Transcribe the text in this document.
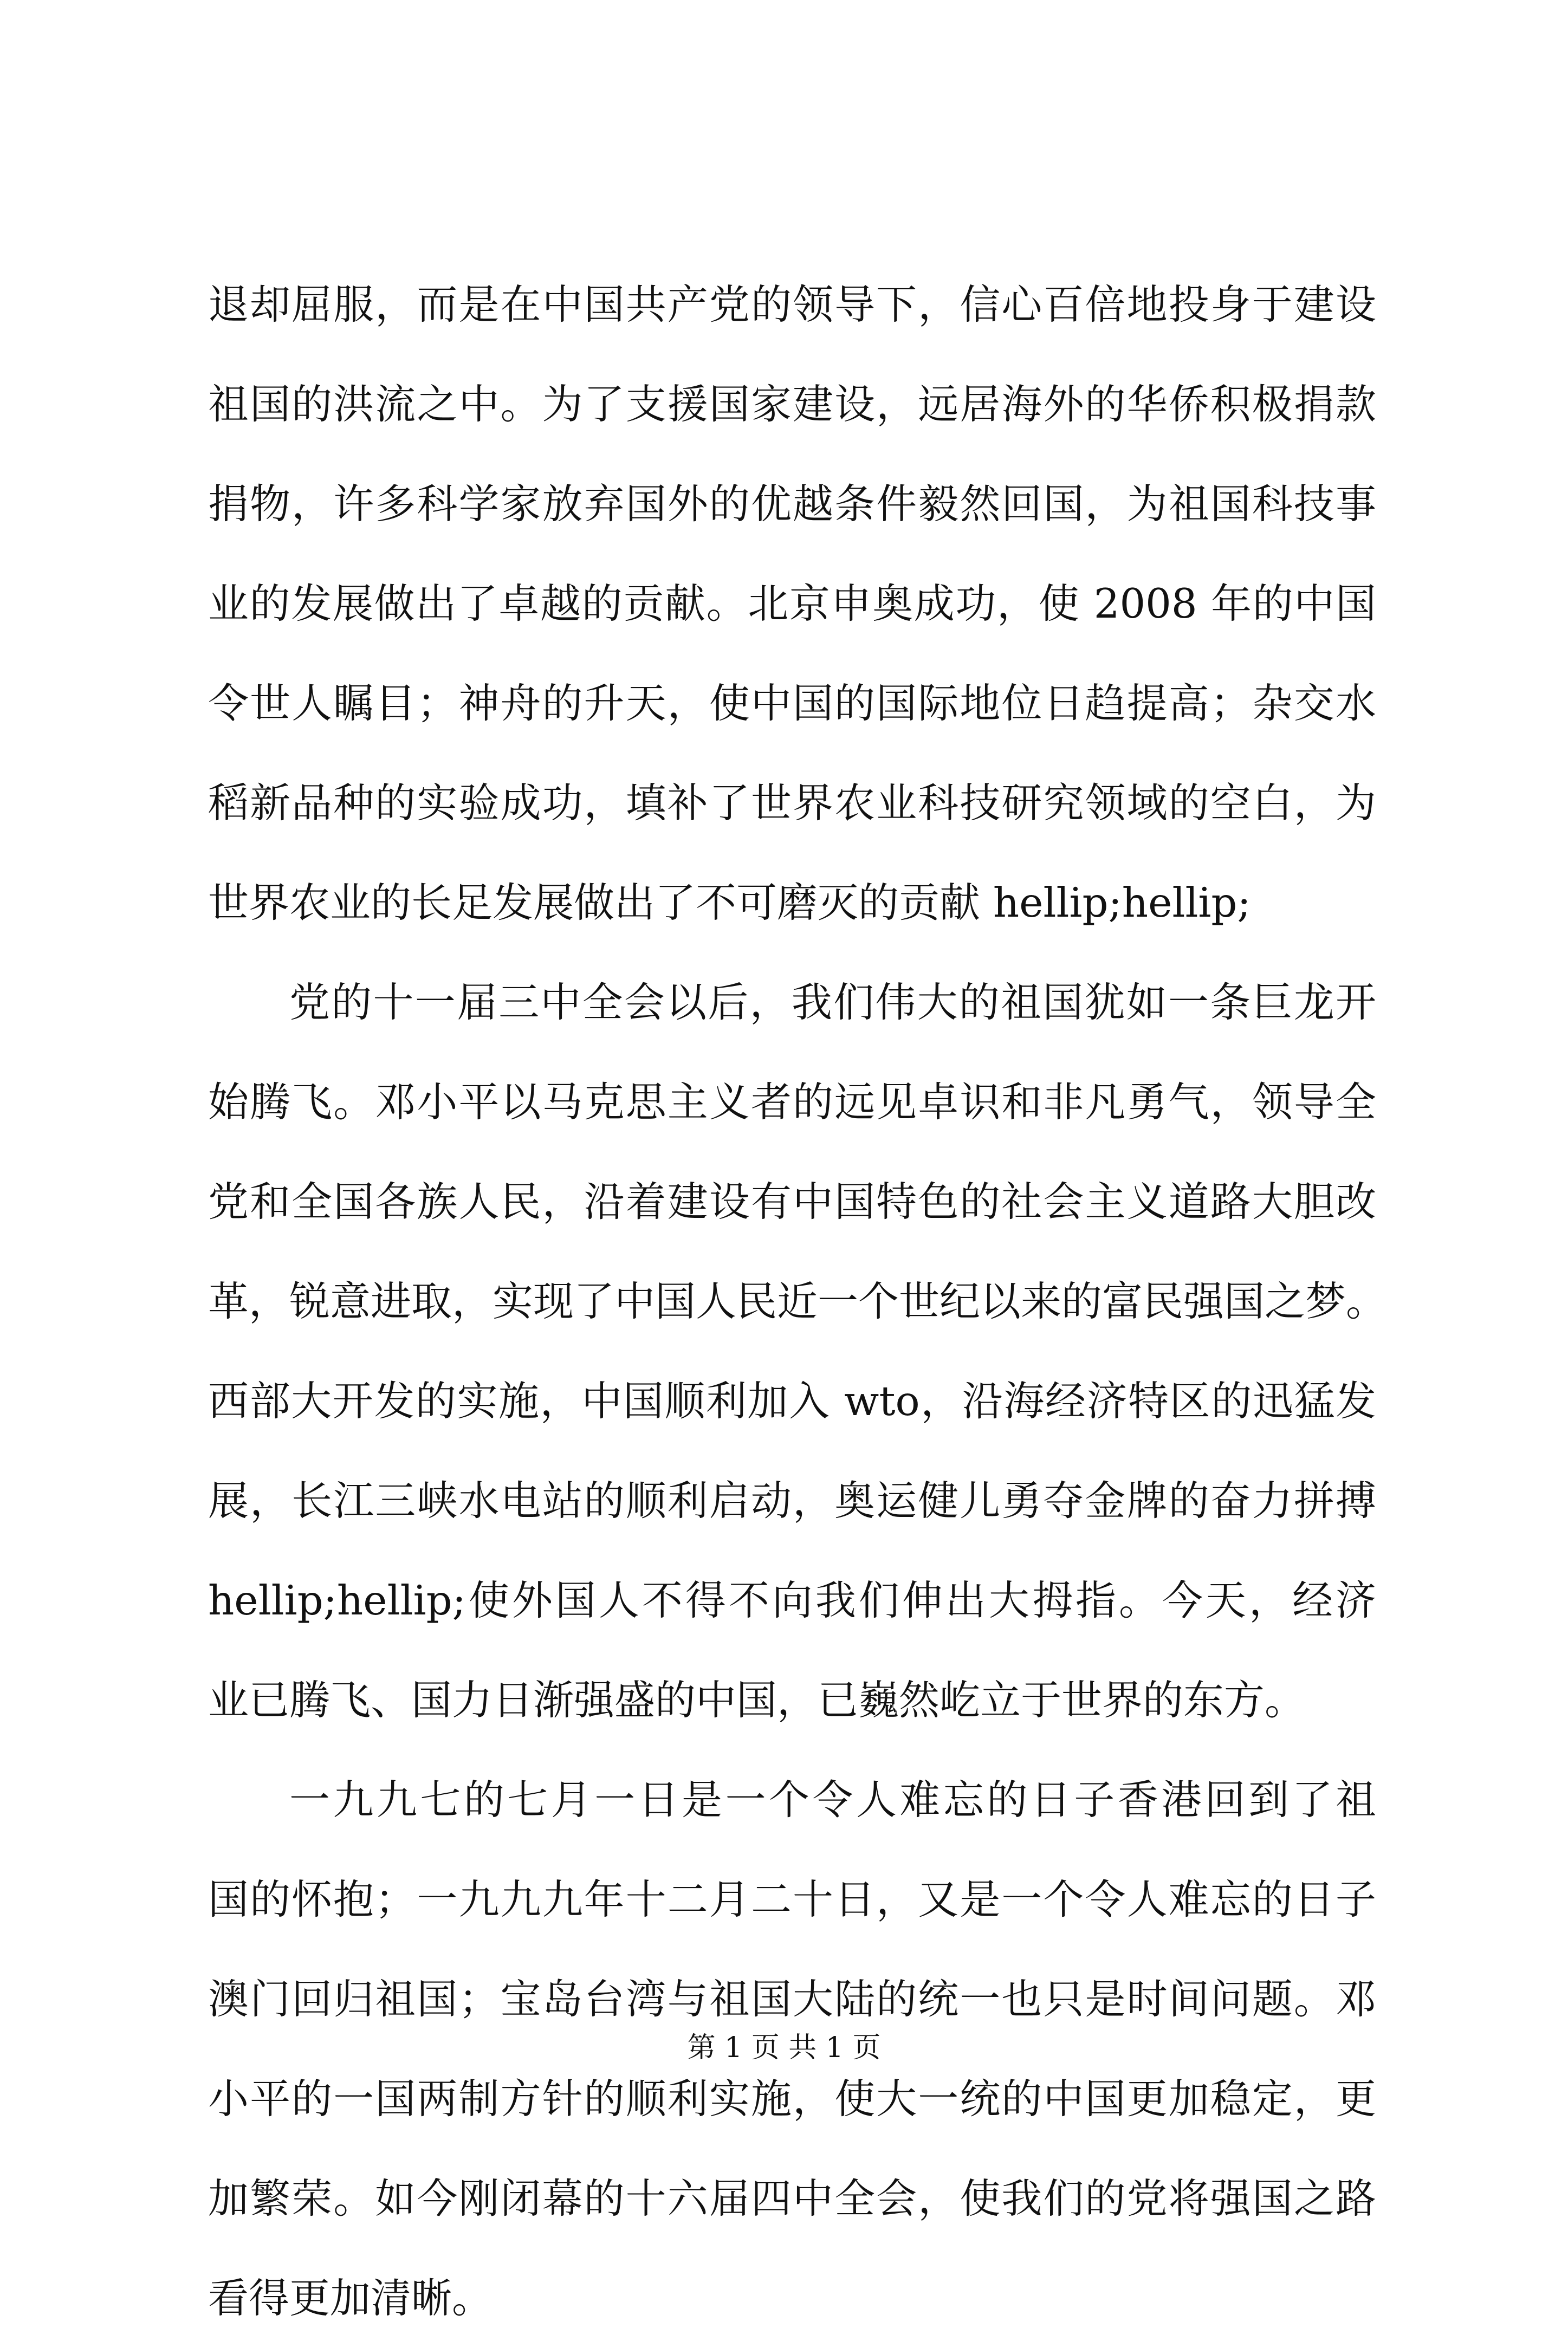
退却屈服，而是在中国共产党的领导下，信心百倍地投身于建设
祖国的洪流之中。为了支援国家建设，远居海外的华侨积极捐款
捐物，许多科学家放弃国外的优越条件毅然回国，为祖国科技事
业的发展做出了卓越的贡献。北京申奥成功，使 2008 年的中国
令世人瞩目；神舟的升天，使中国的国际地位日趋提高；杂交水
稻新品种的实验成功，填补了世界农业科技研究领域的空白，为
世界农业的长足发展做出了不可磨灭的贡献 hellip;hellip;
党的十一届三中全会以后，我们伟大的祖国犹如一条巨龙开
始腾飞。邓小平以马克思主义者的远见卓识和非凡勇气，领导全
党和全国各族人民，沿着建设有中国特色的社会主义道路大胆改
革，锐意进取，实现了中国人民近一个世纪以来的富民强国之梦。
西部大开发的实施，中国顺利加入 wto，沿海经济特区的迅猛发
展，长江三峡水电站的顺利启动，奥运健儿勇夺金牌的奋力拼搏
hellip;hellip;使外国人不得不向我们伸出大拇指。今天，经济
业已腾飞、国力日渐强盛的中国，已巍然屹立于世界的东方。
一九九七的七月一日是一个令人难忘的日子香港回到了祖
国的怀抱；一九九九年十二月二十日，又是一个令人难忘的日子
澳门回归祖国；宝岛台湾与祖国大陆的统一也只是时间问题。邓
小平的一国两制方针的顺利实施，使大一统的中国更加稳定，更
加繁荣。如今刚闭幕的十六届四中全会，使我们的党将强国之路
看得更加清晰。
第 1 页 共 1 页
